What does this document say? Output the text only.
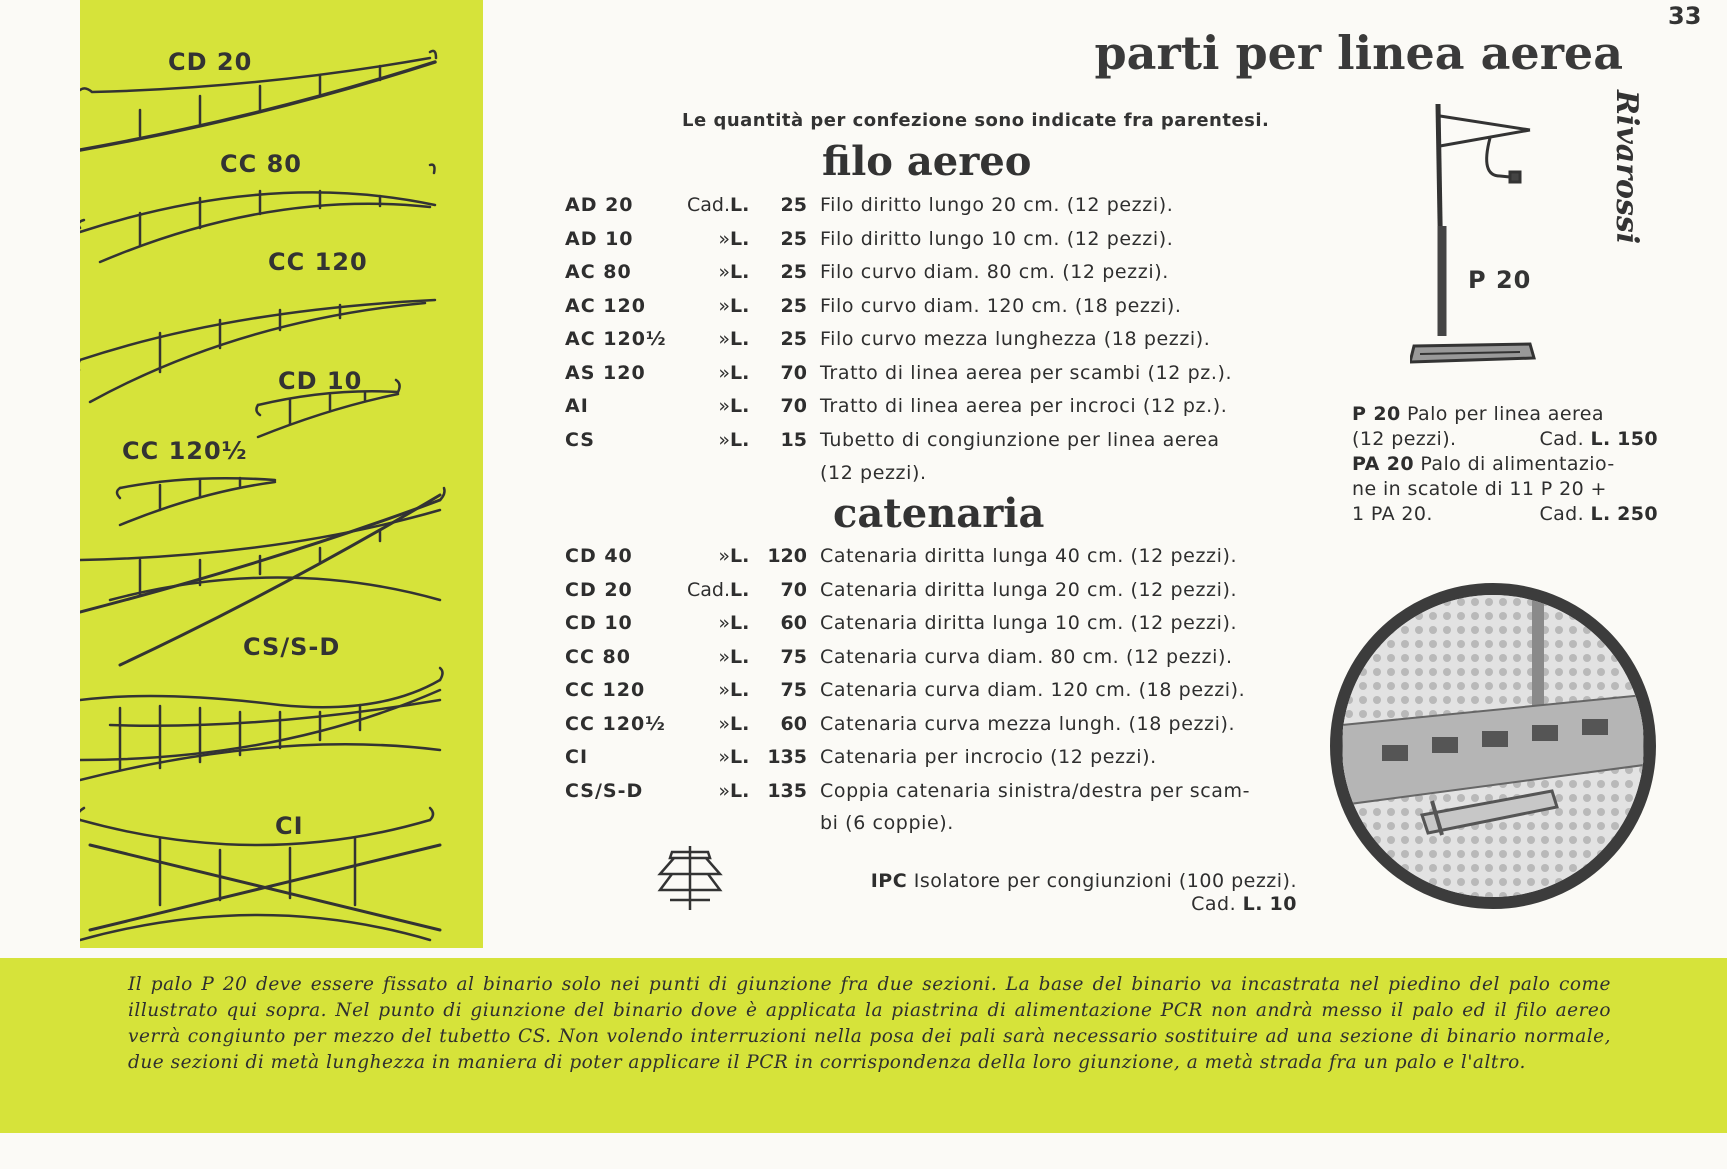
CD 20
CC 80
CC 120
CD 10
CC 120½
CS/S-D
CI
33
Rivarossi
parti per linea aerea
Le quantità per confezione sono indicate fra parentesi.
filo aereo
AD 20	Cad. L.	25 Filo diritto lungo 20 cm. (12 pezzi).
AD 10	» L.	25 Filo diritto lungo 10 cm. (12 pezzi).
AC 80	» L.	25 Filo curvo diam. 80 cm. (12 pezzi).
AC 120	» L.	25 Filo curvo diam. 120 cm. (18 pezzi).
AC 120½	» L.	25 Filo curvo mezza lunghezza (18 pezzi).
AS 120	» L.	70 Tratto di linea aerea per scambi (12 pz.).
AI	» L.	70 Tratto di linea aerea per incroci (12 pz.).
CS	» L.	15 Tubetto di congiunzione per linea aerea
(12 pezzi).
catenaria
CD 40	» L. 120 Catenaria diritta lunga 40 cm. (12 pezzi).
CD 20	Cad. L.	70 Catenaria diritta lunga 20 cm. (12 pezzi).
CD 10	» L.	60 Catenaria diritta lunga 10 cm. (12 pezzi).
CC 80	» L.	75 Catenaria curva diam. 80 cm. (12 pezzi).
CC 120	» L.	75 Catenaria curva diam. 120 cm. (18 pezzi).
CC 120½	» L.	60 Catenaria curva mezza lungh. (18 pezzi).
CI	» L. 135 Catenaria per incrocio (12 pezzi).
CS/S-D	» L. 135 Coppia catenaria sinistra/destra per scam-
bi (6 coppie).
IPC Isolatore per congiunzioni (100 pezzi).
Cad. L. 10
P 20
P 20 Palo per linea aerea
(12 pezzi).	Cad. L. 150
PA 20 Palo di alimentazio-
ne in scatole di 11 P 20 +
1 PA 20.	Cad. L. 250
Il palo P 20 deve essere fissato al binario solo nei punti di giunzione fra due sezioni. La base del binario va incastrata nel piedino del palo come illustrato qui sopra. Nel punto di giunzione del binario dove è applicata la piastrina di alimentazione PCR non andrà messo il palo ed il filo aereo verrà congiunto per mezzo del tubetto CS. Non volendo interruzioni nella posa dei pali sarà necessario sostituire ad una sezione di binario normale, due sezioni di metà lunghezza in maniera di poter applicare il PCR in corrispondenza della loro giunzione, a metà strada fra un palo e l'altro.
